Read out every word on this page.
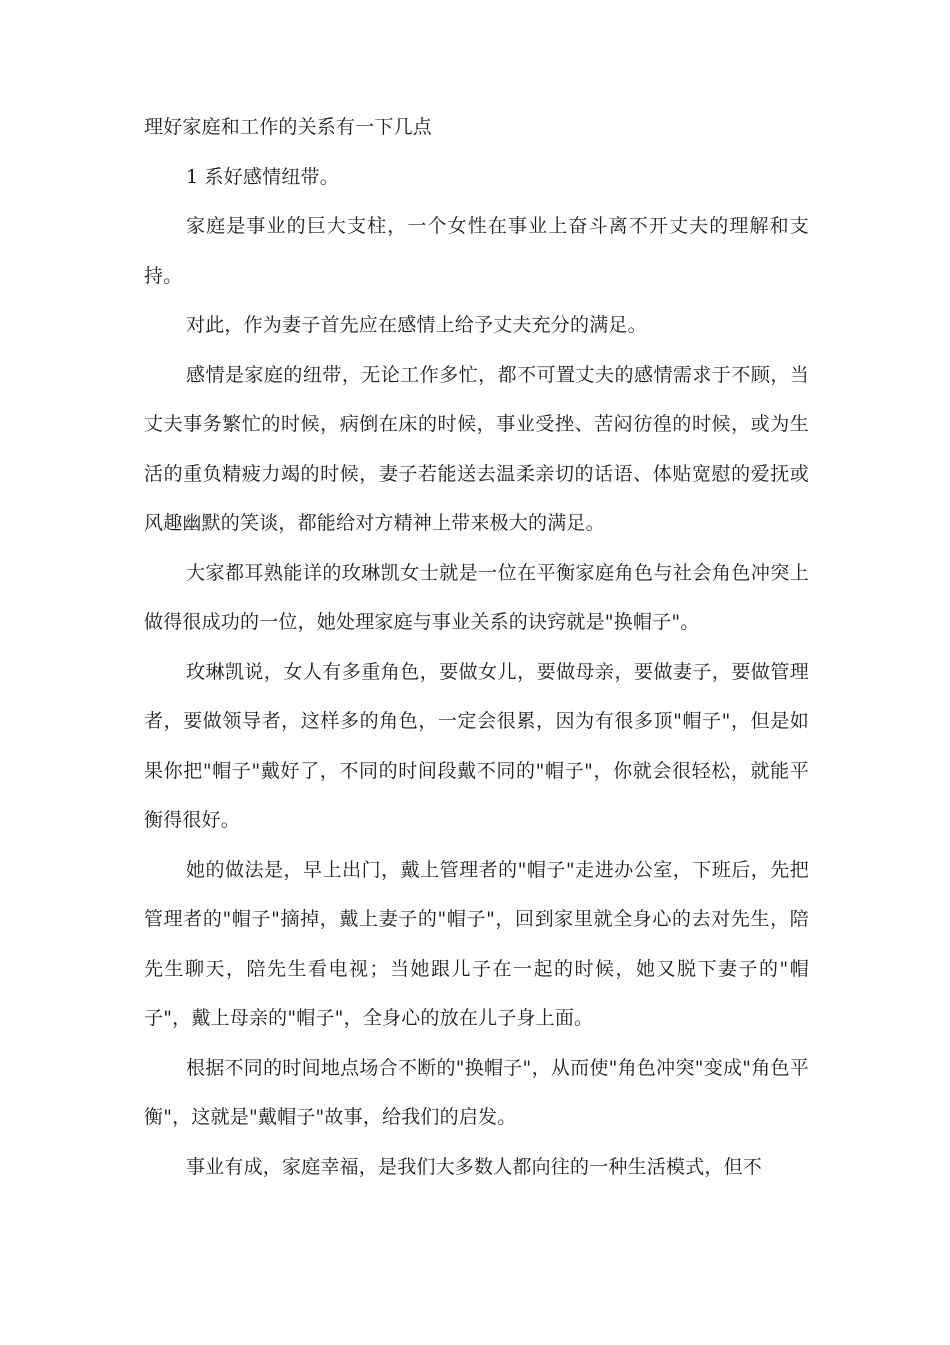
理好家庭和工作的关系有一下几点

1 系好感情纽带。

家庭是事业的巨大支柱，一个女性在事业上奋斗离不开丈夫的理解和支持。

对此，作为妻子首先应在感情上给予丈夫充分的满足。

感情是家庭的纽带，无论工作多忙，都不可置丈夫的感情需求于不顾，当丈夫事务繁忙的时候，病倒在床的时候，事业受挫、苦闷彷徨的时候，或为生活的重负精疲力竭的时候，妻子若能送去温柔亲切的话语、体贴宽慰的爱抚或风趣幽默的笑谈，都能给对方精神上带来极大的满足。

大家都耳熟能详的玫琳凯女士就是一位在平衡家庭角色与社会角色冲突上做得很成功的一位，她处理家庭与事业关系的诀窍就是"换帽子"。

玫琳凯说，女人有多重角色，要做女儿，要做母亲，要做妻子，要做管理者，要做领导者，这样多的角色，一定会很累，因为有很多顶"帽子"，但是如果你把"帽子"戴好了，不同的时间段戴不同的"帽子"，你就会很轻松，就能平衡得很好。

她的做法是，早上出门，戴上管理者的"帽子"走进办公室，下班后，先把管理者的"帽子"摘掉，戴上妻子的"帽子"，回到家里就全身心的去对先生，陪先生聊天，陪先生看电视；当她跟儿子在一起的时候，她又脱下妻子的"帽子"，戴上母亲的"帽子"，全身心的放在儿子身上面。

根据不同的时间地点场合不断的"换帽子"，从而使"角色冲突"变成"角色平衡"，这就是"戴帽子"故事，给我们的启发。

事业有成，家庭幸福，是我们大多数人都向往的一种生活模式，但不
